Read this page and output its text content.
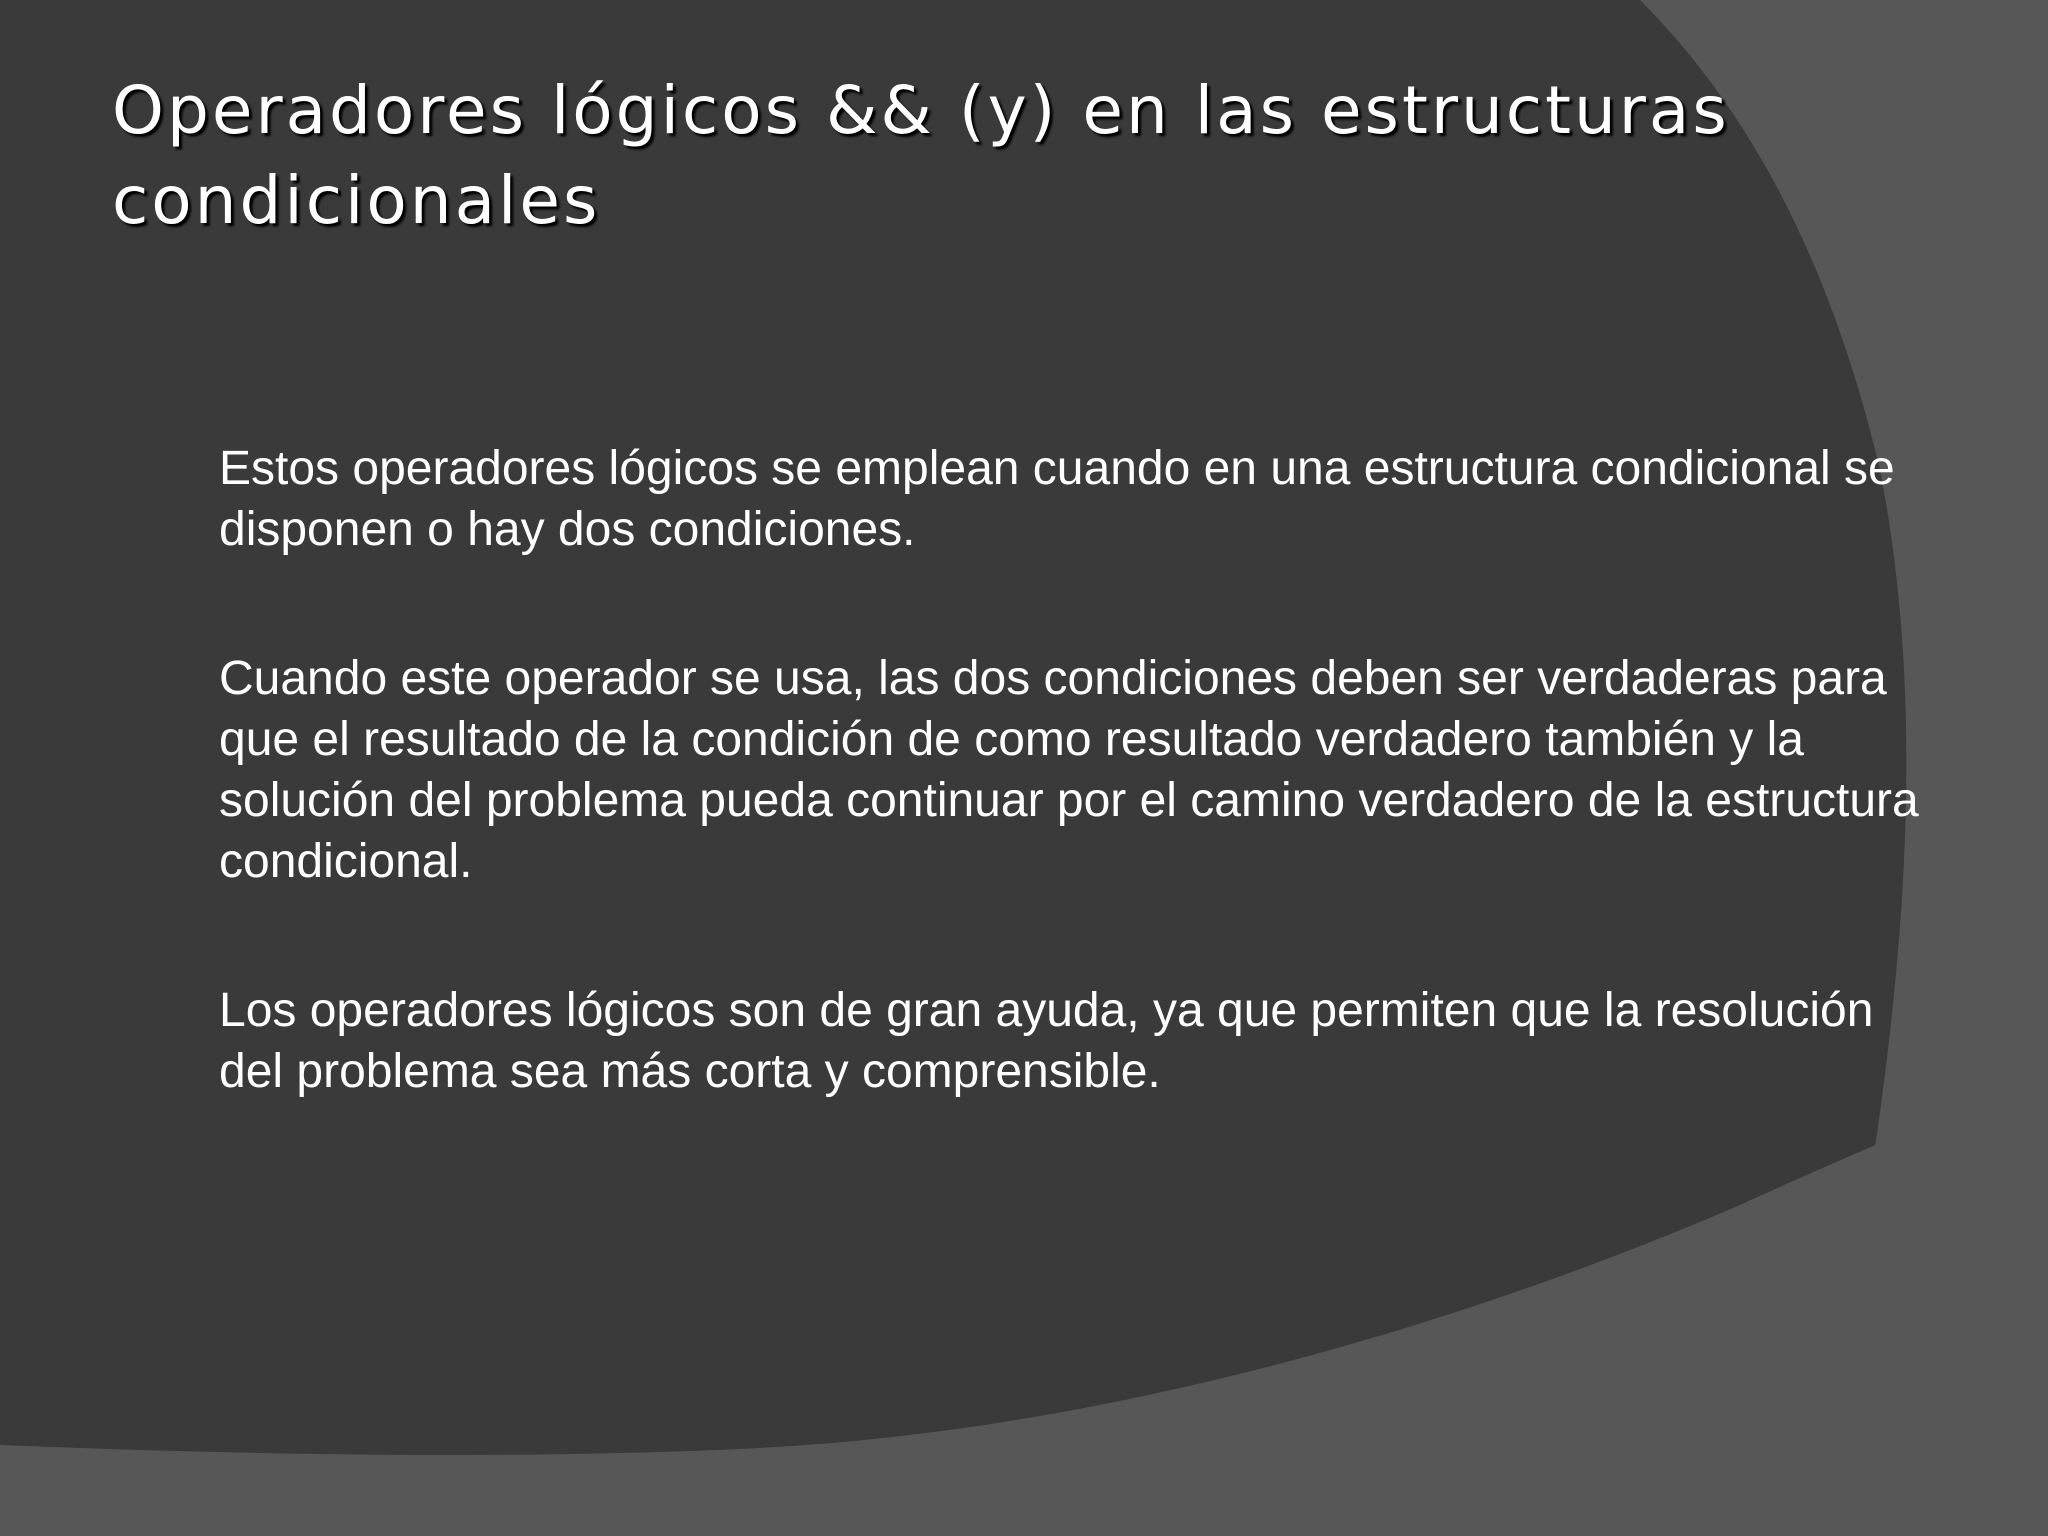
Operadores lógicos && (y) en las estructuras condicionales

Estos operadores lógicos se emplean cuando en una estructura condicional se disponen o hay dos condiciones.

Cuando este operador se usa, las dos condiciones deben ser verdaderas para que el resultado de la condición de como resultado verdadero también y la solución del problema pueda continuar por el camino verdadero de la estructura condicional.

Los operadores lógicos son de gran ayuda, ya que permiten que la resolución del problema sea más corta y comprensible.
